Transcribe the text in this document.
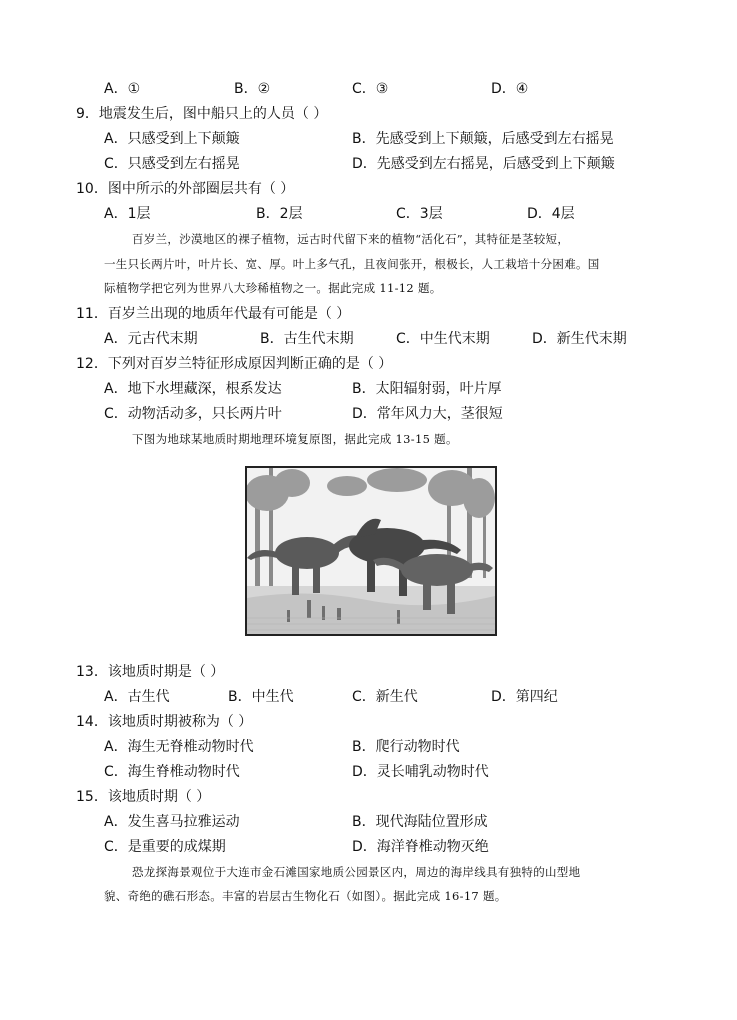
A．①	B．②	C．③	D．④
9．地震发生后，图中船只上的人员（ ）
A．只感受到上下颠簸	B．先感受到上下颠簸，后感受到左右摇晃
C．只感受到左右摇晃	D．先感受到左右摇晃，后感受到上下颠簸
10．图中所示的外部圈层共有（ ）
A．1层	B．2层	C．3层	D．4层
百岁兰，沙漠地区的裸子植物，远古时代留下来的植物“活化石”，其特征是茎较短，
一生只长两片叶，叶片长、宽、厚。叶上多气孔，且夜间张开，根极长，人工栽培十分困难。国
际植物学把它列为世界八大珍稀植物之一。据此完成 11-12 题。
11．百岁兰出现的地质年代最有可能是（ ）
A．元古代末期	B．古生代末期	C．中生代末期	D．新生代末期
12．下列对百岁兰特征形成原因判断正确的是（ ）
A．地下水埋藏深，根系发达	B．太阳辐射弱，叶片厚
C．动物活动多，只长两片叶	D．常年风力大，茎很短
下图为地球某地质时期地理环境复原图，据此完成 13-15 题。
13．该地质时期是（ ）
A．古生代	B．中生代	C．新生代	D．第四纪
14．该地质时期被称为（ ）
A．海生无脊椎动物时代	B．爬行动物时代
C．海生脊椎动物时代	D．灵长哺乳动物时代
15．该地质时期（ ）
A．发生喜马拉雅运动	B．现代海陆位置形成
C．是重要的成煤期	D．海洋脊椎动物灭绝
恐龙探海景观位于大连市金石滩国家地质公园景区内，周边的海岸线具有独特的山型地
貌、奇绝的礁石形态。丰富的岩层古生物化石（如图）。据此完成 16-17 题。
